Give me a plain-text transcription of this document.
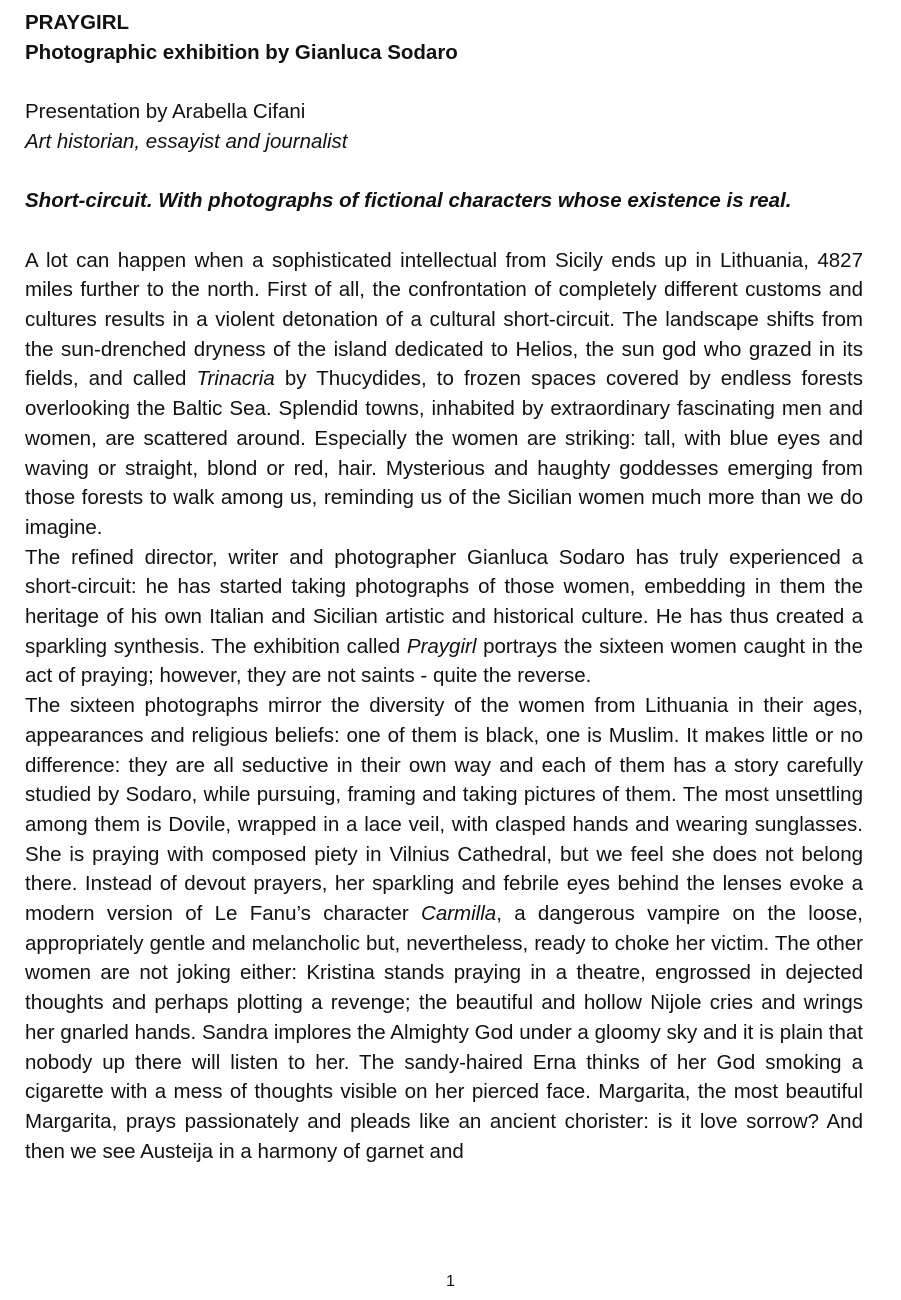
PRAYGIRL
Photographic exhibition by Gianluca Sodaro
Presentation by Arabella Cifani
Art historian, essayist and journalist
Short-circuit. With photographs of fictional characters whose existence is real.

A lot can happen when a sophisticated intellectual from Sicily ends up in Lithuania, 4827 miles further to the north. First of all, the confrontation of completely different customs and cultures results in a violent detonation of a cultural short-circuit. The landscape shifts from the sun-drenched dryness of the island dedicated to Helios, the sun god who grazed in its fields, and called Trinacria by Thucydides, to frozen spaces covered by endless forests overlooking the Baltic Sea. Splendid towns, inhabited by extraordinary fascinating men and women, are scattered around. Especially the women are striking: tall, with blue eyes and waving or straight, blond or red, hair. Mysterious and haughty goddesses emerging from those forests to walk among us, reminding us of the Sicilian women much more than we do imagine.

The refined director, writer and photographer Gianluca Sodaro has truly experienced a short-circuit: he has started taking photographs of those women, embedding in them the heritage of his own Italian and Sicilian artistic and historical culture. He has thus created a sparkling synthesis. The exhibition called Praygirl portrays the sixteen women caught in the act of praying; however, they are not saints - quite the reverse.

The sixteen photographs mirror the diversity of the women from Lithuania in their ages, appearances and religious beliefs: one of them is black, one is Muslim. It makes little or no difference: they are all seductive in their own way and each of them has a story carefully studied by Sodaro, while pursuing, framing and taking pictures of them. The most unsettling among them is Dovile, wrapped in a lace veil, with clasped hands and wearing sunglasses. She is praying with composed piety in Vilnius Cathedral, but we feel she does not belong there. Instead of devout prayers, her sparkling and febrile eyes behind the lenses evoke a modern version of Le Fanu’s character Carmilla, a dangerous vampire on the loose, appropriately gentle and melancholic but, nevertheless, ready to choke her victim. The other women are not joking either: Kristina stands praying in a theatre, engrossed in dejected thoughts and perhaps plotting a revenge; the beautiful and hollow Nijole cries and wrings her gnarled hands. Sandra implores the Almighty God under a gloomy sky and it is plain that nobody up there will listen to her. The sandy-haired Erna thinks of her God smoking a cigarette with a mess of thoughts visible on her pierced face. Margarita, the most beautiful Margarita, prays passionately and pleads like an ancient chorister: is it love sorrow? And then we see Austeija in a harmony of garnet and

1
